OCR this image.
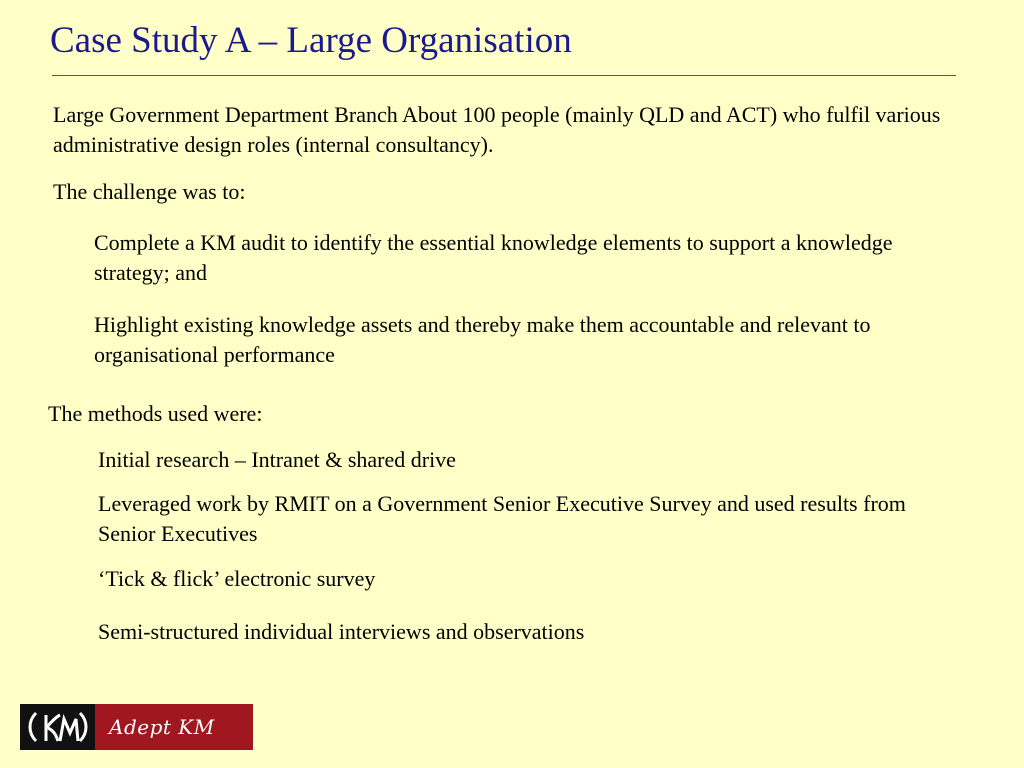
Case Study A – Large Organisation
Large Government Department Branch About 100 people (mainly QLD and ACT) who fulfil various administrative design roles (internal consultancy).
The challenge was to:
Complete a KM audit to identify the essential knowledge elements to support a knowledge strategy; and
Highlight existing knowledge assets and thereby make them accountable and relevant to organisational performance
The methods used were:
Initial research – Intranet & shared drive
Leveraged work by RMIT on a Government Senior Executive Survey and used results from Senior Executives
‘Tick & flick’ electronic survey
Semi-structured individual interviews and observations
Adept KM
